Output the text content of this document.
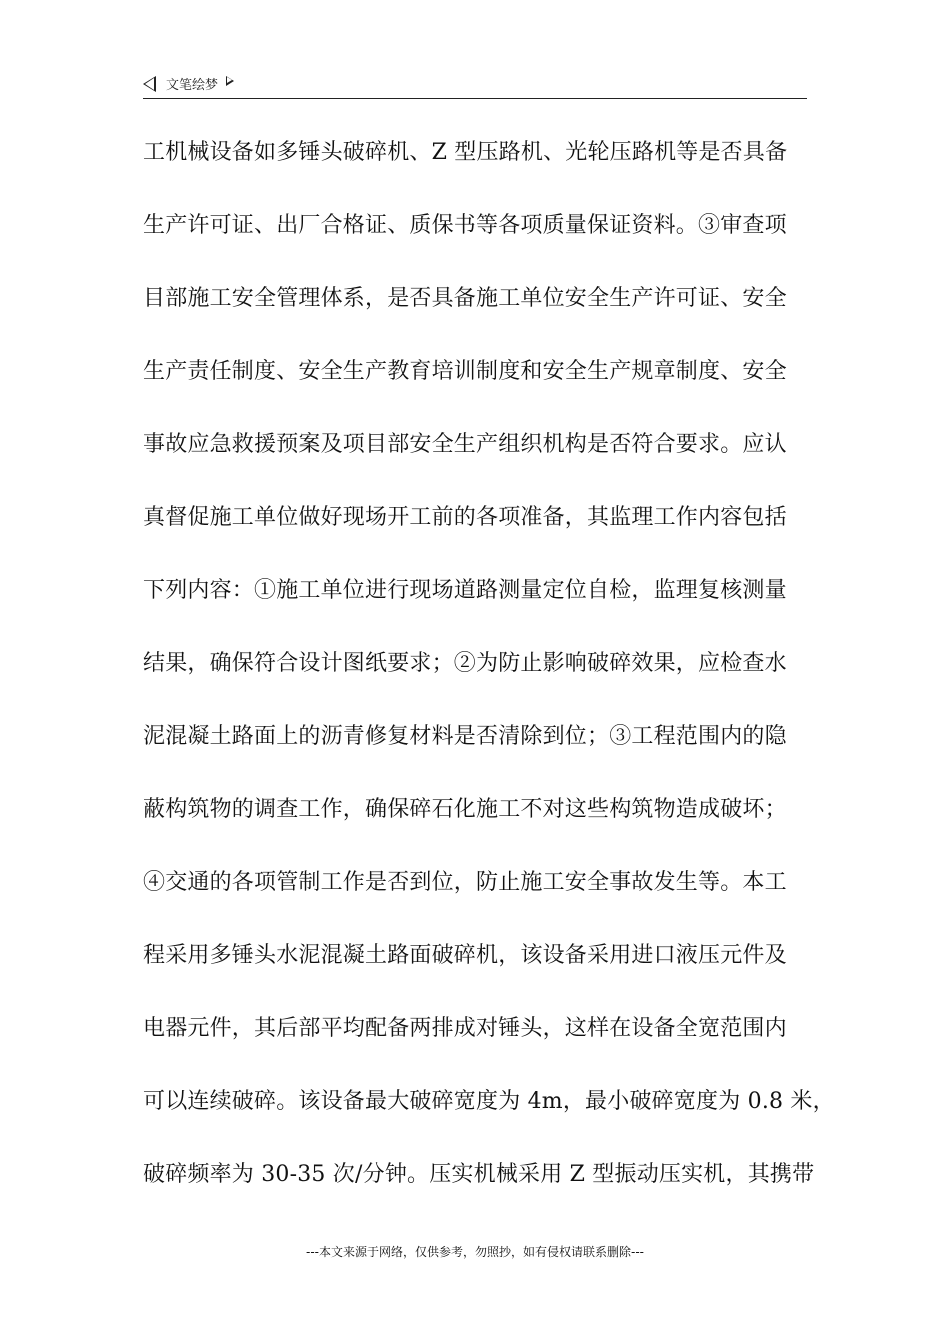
文笔绘梦
工机械设备如多锤头破碎机、Z 型压路机、光轮压路机等是否具备
生产许可证、出厂合格证、质保书等各项质量保证资料。③审查项
目部施工安全管理体系，是否具备施工单位安全生产许可证、安全
生产责任制度、安全生产教育培训制度和安全生产规章制度、安全
事故应急救援预案及项目部安全生产组织机构是否符合要求。应认
真督促施工单位做好现场开工前的各项准备，其监理工作内容包括
下列内容：①施工单位进行现场道路测量定位自检，监理复核测量
结果，确保符合设计图纸要求；②为防止影响破碎效果，应检查水
泥混凝土路面上的沥青修复材料是否清除到位；③工程范围内的隐
蔽构筑物的调查工作，确保碎石化施工不对这些构筑物造成破坏；
④交通的各项管制工作是否到位，防止施工安全事故发生等。本工
程采用多锤头水泥混凝土路面破碎机，该设备采用进口液压元件及
电器元件，其后部平均配备两排成对锤头，这样在设备全宽范围内
可以连续破碎。该设备最大破碎宽度为 4m，最小破碎宽度为 0.8 米，
破碎频率为 30-35 次/分钟。压实机械采用 Z 型振动压实机，其携带
---本文来源于网络，仅供参考，勿照抄，如有侵权请联系删除---
